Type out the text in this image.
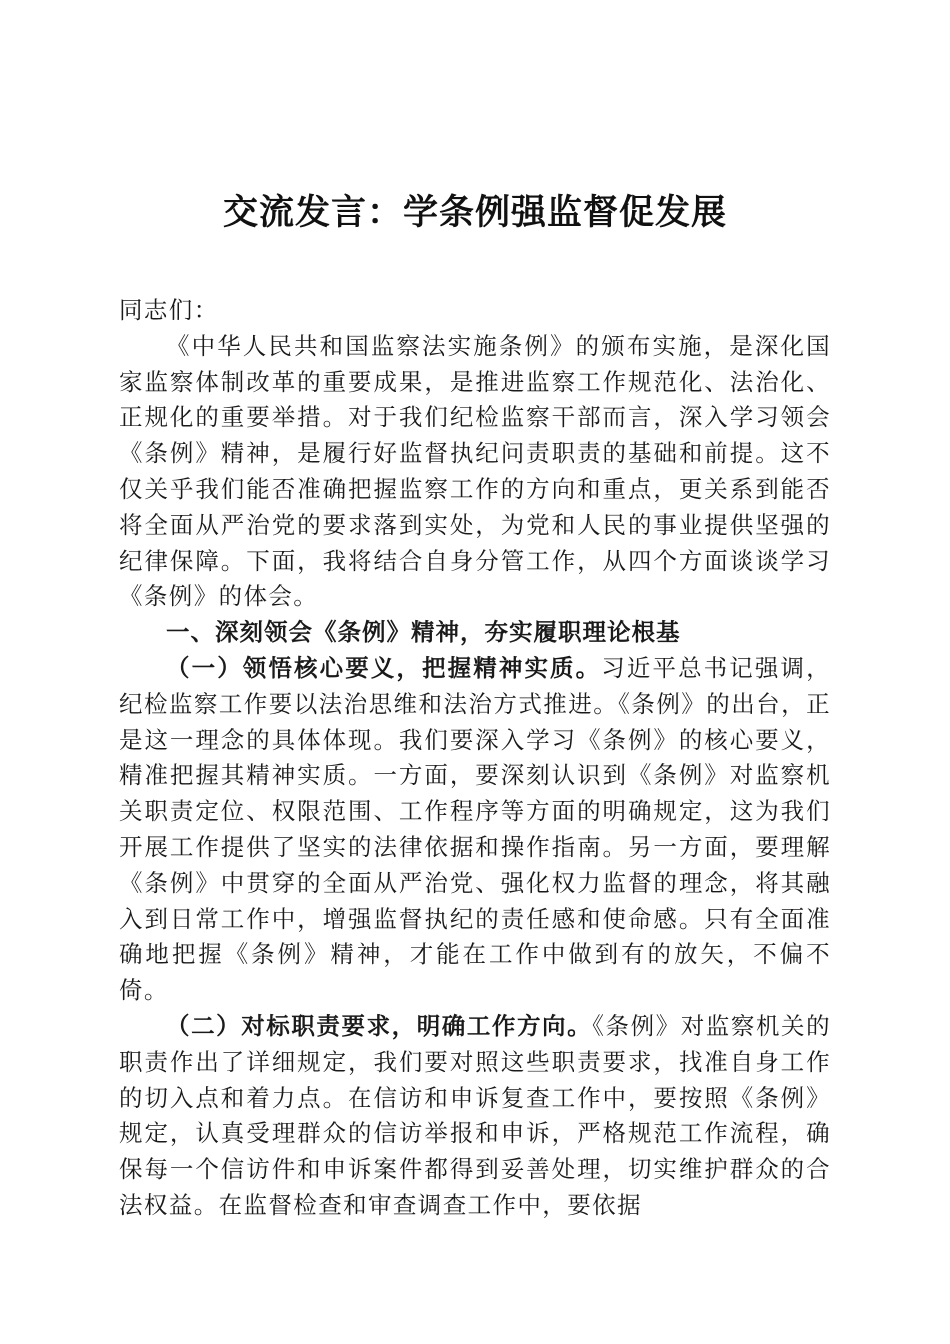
交流发言：学条例强监督促发展

同志们：

《中华人民共和国监察法实施条例》的颁布实施，是深化国家监察体制改革的重要成果，是推进监察工作规范化、法治化、正规化的重要举措。对于我们纪检监察干部而言，深入学习领会《条例》精神，是履行好监督执纪问责职责的基础和前提。这不仅关乎我们能否准确把握监察工作的方向和重点，更关系到能否将全面从严治党的要求落到实处，为党和人民的事业提供坚强的纪律保障。下面，我将结合自身分管工作，从四个方面谈谈学习《条例》的体会。

一、深刻领会《条例》精神，夯实履职理论根基

（一）领悟核心要义，把握精神实质。习近平总书记强调，纪检监察工作要以法治思维和法治方式推进。《条例》的出台，正是这一理念的具体体现。我们要深入学习《条例》的核心要义，精准把握其精神实质。一方面，要深刻认识到《条例》对监察机关职责定位、权限范围、工作程序等方面的明确规定，这为我们开展工作提供了坚实的法律依据和操作指南。另一方面，要理解《条例》中贯穿的全面从严治党、强化权力监督的理念，将其融入到日常工作中，增强监督执纪的责任感和使命感。只有全面准确地把握《条例》精神，才能在工作中做到有的放矢，不偏不倚。

（二）对标职责要求，明确工作方向。《条例》对监察机关的职责作出了详细规定，我们要对照这些职责要求，找准自身工作的切入点和着力点。在信访和申诉复查工作中，要按照《条例》规定，认真受理群众的信访举报和申诉，严格规范工作流程，确保每一个信访件和申诉案件都得到妥善处理，切实维护群众的合法权益。在监督检查和审查调查工作中，要依据
